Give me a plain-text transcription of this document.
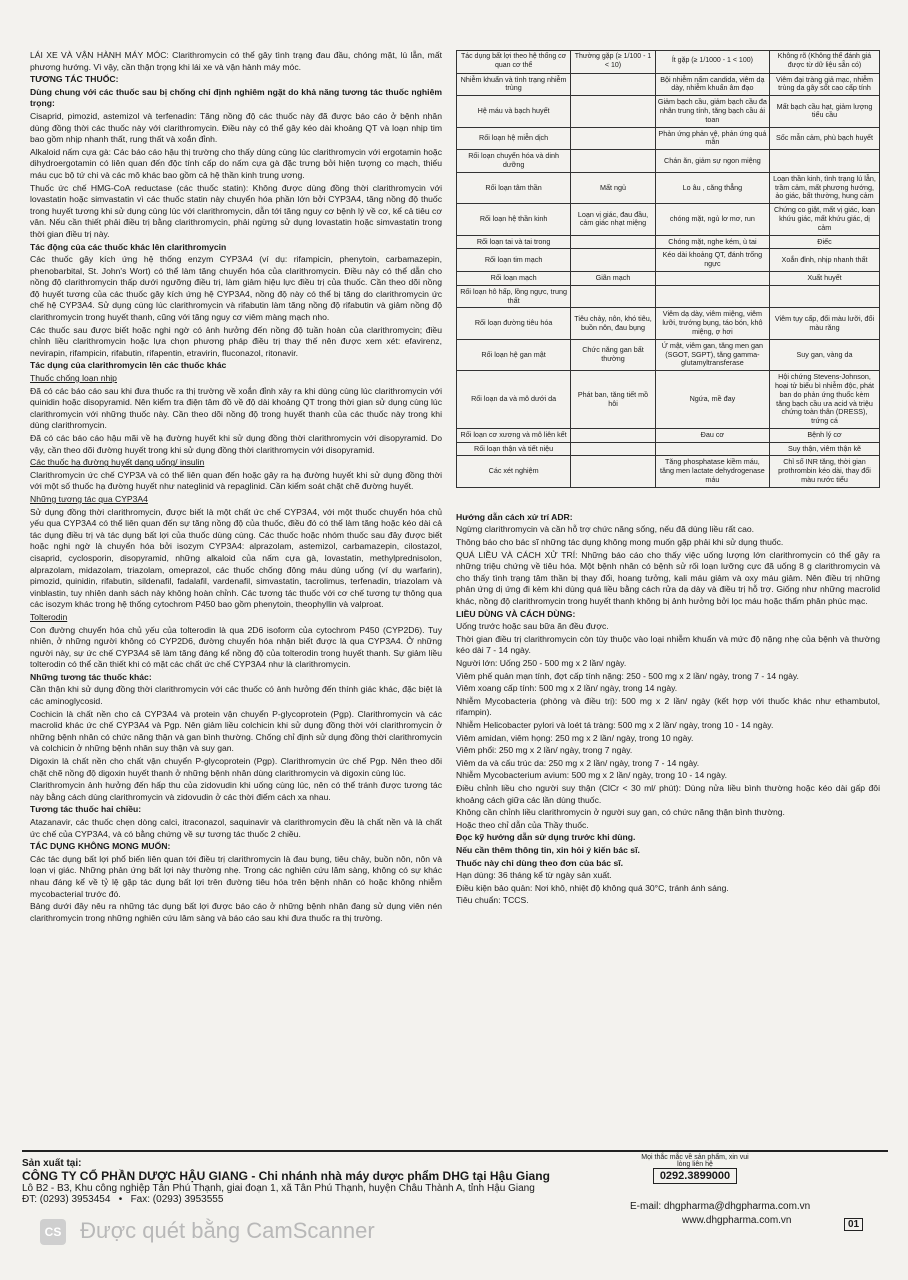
LÁI XE VÀ VẬN HÀNH MÁY MÓC: Clarithromycin có thể gây tình trạng đau đầu, chóng mặt, lú lẫn, mất phương hướng. Vì vậy, cần thận trọng khi lái xe và vận hành máy móc.

TƯƠNG TÁC THUỐC:

Dùng chung với các thuốc sau bị chống chỉ định nghiêm ngặt do khả năng tương tác thuốc nghiêm trọng:

Cisaprid, pimozid, astemizol và terfenadin: Tăng nồng độ các thuốc này đã được báo cáo ở bệnh nhân dùng đồng thời các thuốc này với clarithromycin. Điều này có thể gây kéo dài khoảng QT và loạn nhịp tim bao gồm nhịp nhanh thất, rung thất và xoắn đỉnh.

Alkaloid nấm cựa gà: Các báo cáo hậu thị trường cho thấy dùng cùng lúc clarithromycin với ergotamin hoặc dihydroergotamin có liên quan đến độc tính cấp do nấm cựa gà đặc trưng bởi hiện tượng co mạch, thiếu máu cục bộ tứ chi và các mô khác bao gồm cả hệ thần kinh trung ương.

Thuốc ức chế HMG-CoA reductase (các thuốc statin): Không được dùng đồng thời clarithromycin với lovastatin hoặc simvastatin vì các thuốc statin này chuyển hóa phần lớn bởi CYP3A4, tăng nồng độ thuốc trong huyết tương khi sử dụng cùng lúc với clarithromycin, dẫn tới tăng nguy cơ bệnh lý về cơ, kể cả tiêu cơ vân. Nếu cần thiết phải điều trị bằng clarithromycin, phải ngừng sử dụng lovastatin hoặc simvastatin trong thời gian điều trị này.

Tác động của các thuốc khác lên clarithromycin

Các thuốc gây kích ứng hệ thống enzym CYP3A4 (ví dụ: rifampicin, phenytoin, carbamazepin, phenobarbital, St. John's Wort) có thể làm tăng chuyển hóa của clarithromycin. Điều này có thể dẫn cho nồng độ clarithromycin thấp dưới ngưỡng điều trị, làm giảm hiệu lực điều trị của thuốc. Cần theo dõi nồng độ huyết tương của các thuốc gây kích ứng hệ CYP3A4, nồng độ này có thể bị tăng do clarithromycin ức chế hệ CYP3A4. Sử dụng cùng lúc clarithromycin và rifabutin làm tăng nồng độ rifabutin và giảm nồng độ clarithromycin trong huyết thanh, cũng với tăng nguy cơ viêm màng mạch nho.

Các thuốc sau được biết hoặc nghi ngờ có ảnh hưởng đến nồng độ tuần hoàn của clarithromycin; điều chỉnh liều clarithromycin hoặc lựa chọn phương pháp điều trị thay thế nên được xem xét: efavirenz, nevirapin, rifampicin, rifabutin, rifapentin, etravirin, fluconazol, ritonavir.

Tác dụng của clarithromycin lên các thuốc khác

Thuốc chống loạn nhịp

Đã có các báo cáo sau khi đưa thuốc ra thị trường về xoắn đỉnh xảy ra khi dùng cùng lúc clarithromycin với quinidin hoặc disopyramid. Nên kiểm tra điện tâm đồ về độ dài khoảng QT trong thời gian sử dụng cùng lúc clarithromycin với những thuốc này. Cần theo dõi nồng độ trong huyết thanh của các thuốc này trong khi dùng clarithromycin.

Đã có các báo cáo hậu mãi về hạ đường huyết khi sử dụng đồng thời clarithromycin với disopyramid. Do vậy, cần theo dõi đường huyết trong khi sử dụng đồng thời clarithromycin với disopyramid.

Các thuốc hạ đường huyết dạng uống/ insulin

Clarithromycin ức chế CYP3A và có thể liên quan đến hoặc gây ra hạ đường huyết khi sử dụng đồng thời với một số thuốc hạ đường huyết như nateglinid và repaglinid. Cần kiểm soát chặt chẽ đường huyết.

Những tương tác qua CYP3A4

Sử dụng đồng thời clarithromycin, được biết là một chất ức chế CYP3A4, với một thuốc chuyển hóa chủ yếu qua CYP3A4 có thể liên quan đến sự tăng nồng độ của thuốc, điều đó có thể làm tăng hoặc kéo dài cả tác dụng điều trị và tác dụng bất lợi của thuốc dùng cùng. Các thuốc hoặc nhóm thuốc sau đây được biết hoặc nghi ngờ là chuyển hóa bởi isozym CYP3A4: alprazolam, astemizol, carbamazepin, cilostazol, cisaprid, cyclosporin, disopyramid, những alkaloid của nấm cựa gà, lovastatin, methylprednisolon, alprazolam, midazolam, triazolam, omeprazol, các thuốc chống đông máu dùng uống (ví dụ warfarin), pimozid, quinidin, rifabutin, sildenafil, fadalafil, vardenafil, simvastatin, tacrolimus, terfenadin, triazolam và vinblastin, tuy nhiên danh sách này không hoàn chỉnh. Các tương tác thuốc với cơ chế tương tự thông qua các isozym khác trong hệ thống cytochrom P450 bao gồm phenytoin, theophyllin và valproat.

Tolterodin

Con đường chuyển hóa chủ yếu của tolterodin là qua 2D6 isoform của cytochrom P450 (CYP2D6). Tuy nhiên, ở những người không có CYP2D6, đường chuyển hóa nhận biết được là qua CYP3A4. Ở những người này, sự ức chế CYP3A4 sẽ làm tăng đáng kể nồng độ của tolterodin trong huyết thanh. Sự giảm liều tolterodin có thể cần thiết khi có mặt các chất ức chế CYP3A4 như là clarithromycin.

Những tương tác thuốc khác:

Cần thận khi sử dụng đồng thời clarithromycin với các thuốc có ảnh hưởng đến thính giác khác, đặc biệt là các aminoglycosid.

Cochicin là chất nền cho cả CYP3A4 và protein vận chuyển P-glycoprotein (Pgp). Clarithromycin và các macrolid khác ức chế CYP3A4 và Pgp. Nên giảm liều colchicin khi sử dụng đồng thời với clarithromycin ở những bệnh nhân có chức năng thận và gan bình thường. Chống chỉ định sử dụng đồng thời clarithromycin và colchicin ở những bệnh nhân suy thận và suy gan.

Digoxin là chất nền cho chất vận chuyển P-glycoprotein (Pgp). Clarithromycin ức chế Pgp. Nên theo dõi chặt chẽ nồng độ digoxin huyết thanh ở những bệnh nhân dùng clarithromycin và digoxin cùng lúc.

Clarithromycin ảnh hưởng đến hấp thu của zidovudin khi uống cùng lúc, nên có thể tránh được tương tác này bằng cách dùng clarithromycin và zidovudin ở các thời điểm cách xa nhau.

Tương tác thuốc hai chiều:

Atazanavir, các thuốc chẹn dòng calci, itraconazol, saquinavir và clarithromycin đều là chất nền và là chất ức chế của CYP3A4, và có bằng chứng về sự tương tác thuốc 2 chiều.

TÁC DỤNG KHÔNG MONG MUỐN:

Các tác dụng bất lợi phổ biến liên quan tới điều trị clarithromycin là đau bụng, tiêu chảy, buồn nôn, nôn và loạn vị giác. Những phản ứng bất lợi này thường nhẹ. Trong các nghiên cứu lâm sàng, không có sự khác nhau đáng kể về tỷ lệ gặp tác dụng bất lợi trên đường tiêu hóa trên bệnh nhân có hoặc không nhiễm mycobacterial trước đó.

Bảng dưới đây nêu ra những tác dụng bất lợi được báo cáo ở những bệnh nhân đang sử dụng viên nén clarithromycin trong những nghiên cứu lâm sàng và báo cáo sau khi đưa thuốc ra thị trường.

Tác dụng bất lợi theo hệ thống cơ quan cơ thể	Thường gặp (≥ 1/100 - 1 < 10)	Ít gặp (≥ 1/1000 - 1 < 100)	Không rõ (Không thể đánh giá được từ dữ liệu sẵn có)
Nhiễm khuẩn và tình trạng nhiễm trùng		Bội nhiễm nấm candida, viêm dạ dày, nhiễm khuẩn âm đạo	Viêm đại tràng giả mạc, nhiễm trùng da gây sốt cao cấp tính
Hệ máu và bạch huyết		Giảm bạch cầu, giảm bạch cầu đa nhân trung tính, tăng bạch cầu ái toan	Mất bạch cầu hạt, giảm lượng tiểu cầu
Rối loạn hệ miễn dịch		Phản ứng phản vệ, phản ứng quá mẫn	Sốc mẫn cảm, phù bạch huyết
Rối loạn chuyển hóa và dinh dưỡng		Chán ăn, giảm sự ngon miệng	
Rối loạn tâm thần	Mất ngủ	Lo âu , căng thẳng	Loạn thần kinh, tình trạng lú lẫn, trầm cảm, mất phương hướng, ảo giác, bất thường, hung cảm
Rối loạn hệ thần kinh	Loạn vị giác, đau đầu, cảm giác nhạt miệng	chóng mặt, ngủ lơ mơ, run	Chứng co giật, mất vị giác, loạn khứu giác, mất khứu giác, dị cảm
Rối loạn tai và tai trong		Chóng mặt, nghe kém, ù tai	Điếc
Rối loạn tim mạch		Kéo dài khoảng QT, đánh trống ngực	Xoắn đỉnh, nhịp nhanh thất
Rối loạn mạch	Giãn mạch		Xuất huyết
Rối loạn hô hấp, lồng ngực, trung thất			
Rối loạn đường tiêu hóa	Tiêu chảy, nôn, khó tiêu, buồn nôn, đau bụng	Viêm dạ dày, viêm miệng, viêm lưỡi, trướng bụng, táo bón, khô miệng, ợ hơi	Viêm tụy cấp, đổi màu lưỡi, đổi màu răng
Rối loạn hệ gan mật	Chức năng gan bất thường	Ứ mật, viêm gan, tăng men gan (SGOT, SGPT), tăng gamma-glutamyltransferase	Suy gan, vàng da
Rối loạn da và mô dưới da	Phát ban, tăng tiết mồ hôi	Ngứa, mề đay	Hội chứng Stevens-Johnson, hoại tử biểu bì nhiễm độc, phát ban do phản ứng thuốc kèm tăng bạch cầu ưa acid và triệu chứng toàn thân (DRESS), trứng cá
Rối loạn cơ xương và mô liên kết		Đau cơ	Bệnh lý cơ
Rối loạn thận và tiết niệu			Suy thận, viêm thận kẽ
Các xét nghiệm		Tăng phosphatase kiềm máu, tăng men lactate dehydrogenase máu	Chỉ số INR tăng, thời gian prothrombin kéo dài, thay đổi màu nước tiểu

Hướng dẫn cách xử trí ADR:

Ngừng clarithromycin và cần hỗ trợ chức năng sống, nếu đã dùng liều rất cao.

Thông báo cho bác sĩ những tác dụng không mong muốn gặp phải khi sử dụng thuốc.

QUÁ LIỀU VÀ CÁCH XỬ TRÍ: Những báo cáo cho thấy việc uống lượng lớn clarithromycin có thể gây ra những triệu chứng về tiêu hóa. Một bệnh nhân có bệnh sử rối loạn lưỡng cực đã uống 8 g clarithromycin và cho thấy tình trạng tâm thần bị thay đổi, hoang tưởng, kali máu giảm và oxy máu giảm. Nên điều trị những phản ứng dị ứng đi kèm khi dùng quá liều bằng cách rửa dạ dày và điều trị hỗ trợ. Giống như những macrolid khác, nồng độ clarithromycin trong huyết thanh không bị ảnh hưởng bởi lọc máu hoặc thẩm phân phúc mạc.

LIỀU DÙNG VÀ CÁCH DÙNG:

Uống trước hoặc sau bữa ăn đều được.

Thời gian điều trị clarithromycin còn tùy thuộc vào loại nhiễm khuẩn và mức độ nặng nhẹ của bệnh và thường kéo dài 7 - 14 ngày.

Người lớn: Uống 250 - 500 mg x 2 lần/ ngày.

Viêm phế quản mạn tính, đợt cấp tính nặng: 250 - 500 mg x 2 lần/ ngày, trong 7 - 14 ngày.

Viêm xoang cấp tính: 500 mg x 2 lần/ ngày, trong 14 ngày.

Nhiễm Mycobacteria (phòng và điều trị): 500 mg x 2 lần/ ngày (kết hợp với thuốc khác như ethambutol, rifampin).

Nhiễm Helicobacter pylori và loét tá tràng: 500 mg x 2 lần/ ngày, trong 10 - 14 ngày.

Viêm amidan, viêm họng: 250 mg x 2 lần/ ngày, trong 10 ngày.

Viêm phổi: 250 mg x 2 lần/ ngày, trong 7 ngày.

Viêm da và cấu trúc da: 250 mg x 2 lần/ ngày, trong 7 - 14 ngày.

Nhiễm Mycobacterium avium: 500 mg x 2 lần/ ngày, trong 10 - 14 ngày.

Điều chỉnh liều cho người suy thận (ClCr < 30 ml/ phút): Dùng nửa liều bình thường hoặc kéo dài gấp đôi khoảng cách giữa các lần dùng thuốc.

Không cần chỉnh liều clarithromycin ở người suy gan, có chức năng thận bình thường.

Hoặc theo chỉ dẫn của Thầy thuốc.

Đọc kỹ hướng dẫn sử dụng trước khi dùng.

Nếu cần thêm thông tin, xin hỏi ý kiến bác sĩ.

Thuốc này chỉ dùng theo đơn của bác sĩ.

Hạn dùng: 36 tháng kể từ ngày sản xuất.

Điều kiện bảo quản: Nơi khô, nhiệt độ không quá 30°C, tránh ánh sáng.

Tiêu chuẩn: TCCS.

Sản xuất tại:
CÔNG TY CỔ PHẦN DƯỢC HẬU GIANG - Chi nhánh nhà máy dược phẩm DHG tại Hậu Giang
Lô B2 - B3, Khu công nghiệp Tân Phú Thạnh, giai đoạn 1, xã Tân Phú Thạnh, huyện Châu Thành A, tỉnh Hậu Giang
ĐT: (0293) 3953454   •   Fax: (0293) 3953555
Mọi thắc mắc về sản phẩm, xin vui lòng liên hệ
0292.3899000
E-mail: dhgpharma@dhgpharma.com.vn
www.dhgpharma.com.vn	01
CS Được quét bằng CamScanner
